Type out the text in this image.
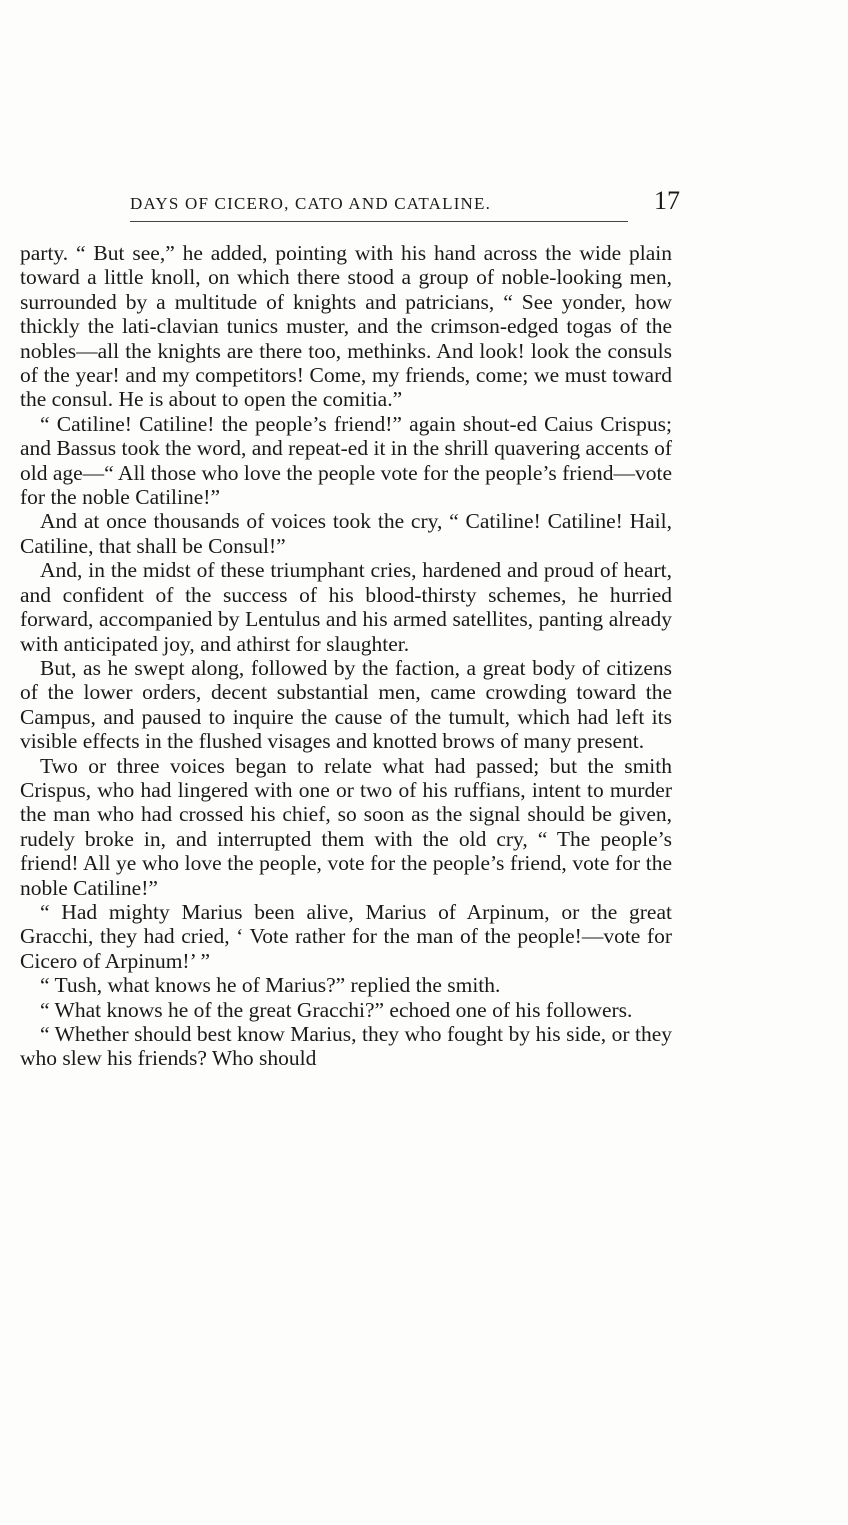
DAYS OF CICERO, CATO AND CATALINE.	17

party. “ But see,” he added, pointing with his hand across the wide plain toward a little knoll, on which there stood a group of noble-looking men, surrounded by a multitude of knights and patricians, “ See yonder, how thickly the lati-clavian tunics muster, and the crimson-edged togas of the nobles—all the knights are there too, methinks. And look! look the consuls of the year! and my competitors! Come, my friends, come; we must toward the consul. He is about to open the comitia.”

“ Catiline! Catiline! the people’s friend!” again shout-ed Caius Crispus; and Bassus took the word, and repeat-ed it in the shrill quavering accents of old age—“ All those who love the people vote for the people’s friend—vote for the noble Catiline!”

And at once thousands of voices took the cry, “ Catiline! Catiline! Hail, Catiline, that shall be Consul!”

And, in the midst of these triumphant cries, hardened and proud of heart, and confident of the success of his blood-thirsty schemes, he hurried forward, accompanied by Lentulus and his armed satellites, panting already with anticipated joy, and athirst for slaughter.

But, as he swept along, followed by the faction, a great body of citizens of the lower orders, decent substantial men, came crowding toward the Campus, and paused to inquire the cause of the tumult, which had left its visible effects in the flushed visages and knotted brows of many present.

Two or three voices began to relate what had passed; but the smith Crispus, who had lingered with one or two of his ruffians, intent to murder the man who had crossed his chief, so soon as the signal should be given, rudely broke in, and interrupted them with the old cry, “ The people’s friend! All ye who love the people, vote for the people’s friend, vote for the noble Catiline!”

“ Had mighty Marius been alive, Marius of Arpinum, or the great Gracchi, they had cried, ‘ Vote rather for the man of the people!—vote for Cicero of Arpinum!’ ”

“ Tush, what knows he of Marius?” replied the smith.

“ What knows he of the great Gracchi?” echoed one of his followers.

“ Whether should best know Marius, they who fought by his side, or they who slew his friends? Who should
